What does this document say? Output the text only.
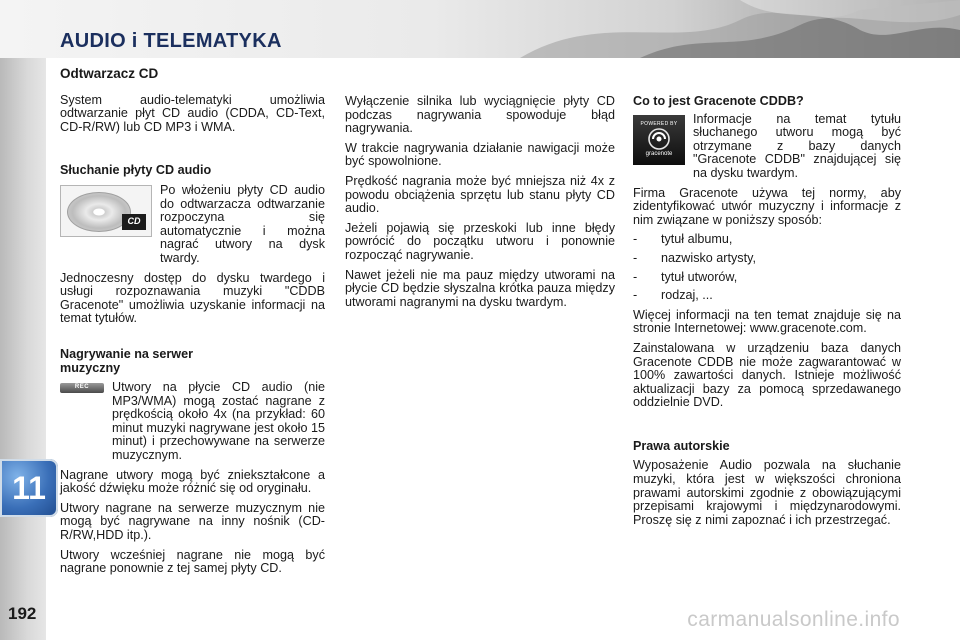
AUDIO i TELEMATYKA
11
192
Odtwarzacz CD

System audio-telematyki umożliwia odtwarzanie płyt CD audio (CDDA, CD-Text, CD-R/RW) lub CD MP3 i WMA.

Słuchanie płyty CD audio
CD

Po włożeniu płyty CD audio do odtwarzacza odtwarzanie rozpoczyna się automatycznie i można nagrać utwory na dysk twardy.

Jednoczesny dostęp do dysku twardego i usługi rozpoznawania muzyki "CDDB Gracenote" umożliwia uzyskanie informacji na temat tytułów.

Nagrywanie na serwer muzyczny
REC	Utwory na płycie CD audio (nie MP3/WMA) mogą zostać nagrane z prędkością około 4x (na przykład: 60 minut muzyki nagrywane jest około 15 minut) i przechowywane na serwerze muzycznym.

Nagrane utwory mogą być zniekształcone a jakość dźwięku może różnić się od oryginału.

Utwory nagrane na serwerze muzycznym nie mogą być nagrywane na inny nośnik (CD-R/RW,HDD itp.).

Utwory wcześniej nagrane nie mogą być nagrane ponownie z tej samej płyty CD.

Wyłączenie silnika lub wyciągnięcie płyty CD podczas nagrywania spowoduje błąd nagrywania.

W trakcie nagrywania działanie nawigacji może być spowolnione.

Prędkość nagrania może być mniejsza niż 4x z powodu obciążenia sprzętu lub stanu płyty CD audio.

Jeżeli pojawią się przeskoki lub inne błędy powrócić do początku utworu i ponownie rozpocząć nagrywanie.

Nawet jeżeli nie ma pauz między utworami na płycie CD będzie słyszalna krótka pauza między utworami nagranymi na dysku twardym.

Co to jest Gracenote CDDB?
POWERED BY
gracenote

Informacje na temat tytułu słuchanego utworu mogą być otrzymane z bazy danych "Gracenote CDDB" znajdującej się na dysku twardym.

Firma Gracenote używa tej normy, aby zidentyfikować utwór muzyczny i informacje z nim związane w poniższy sposób:

-	tytuł albumu,
-	nazwisko artysty,
-	tytuł utworów,
-	rodzaj, ...

Więcej informacji na ten temat znajduje się na stronie Internetowej: www.gracenote.com.

Zainstalowana w urządzeniu baza danych Gracenote CDDB nie może zagwarantować w 100% zawartości danych. Istnieje możliwość aktualizacji bazy za pomocą sprzedawanego oddzielnie DVD.

Prawa autorskie

Wyposażenie Audio pozwala na słuchanie muzyki, która jest w większości chroniona prawami autorskimi zgodnie z obowiązującymi przepisami krajowymi i międzynarodowymi. Proszę się z nimi zapoznać i ich przestrzegać.

carmanualsonline.info
